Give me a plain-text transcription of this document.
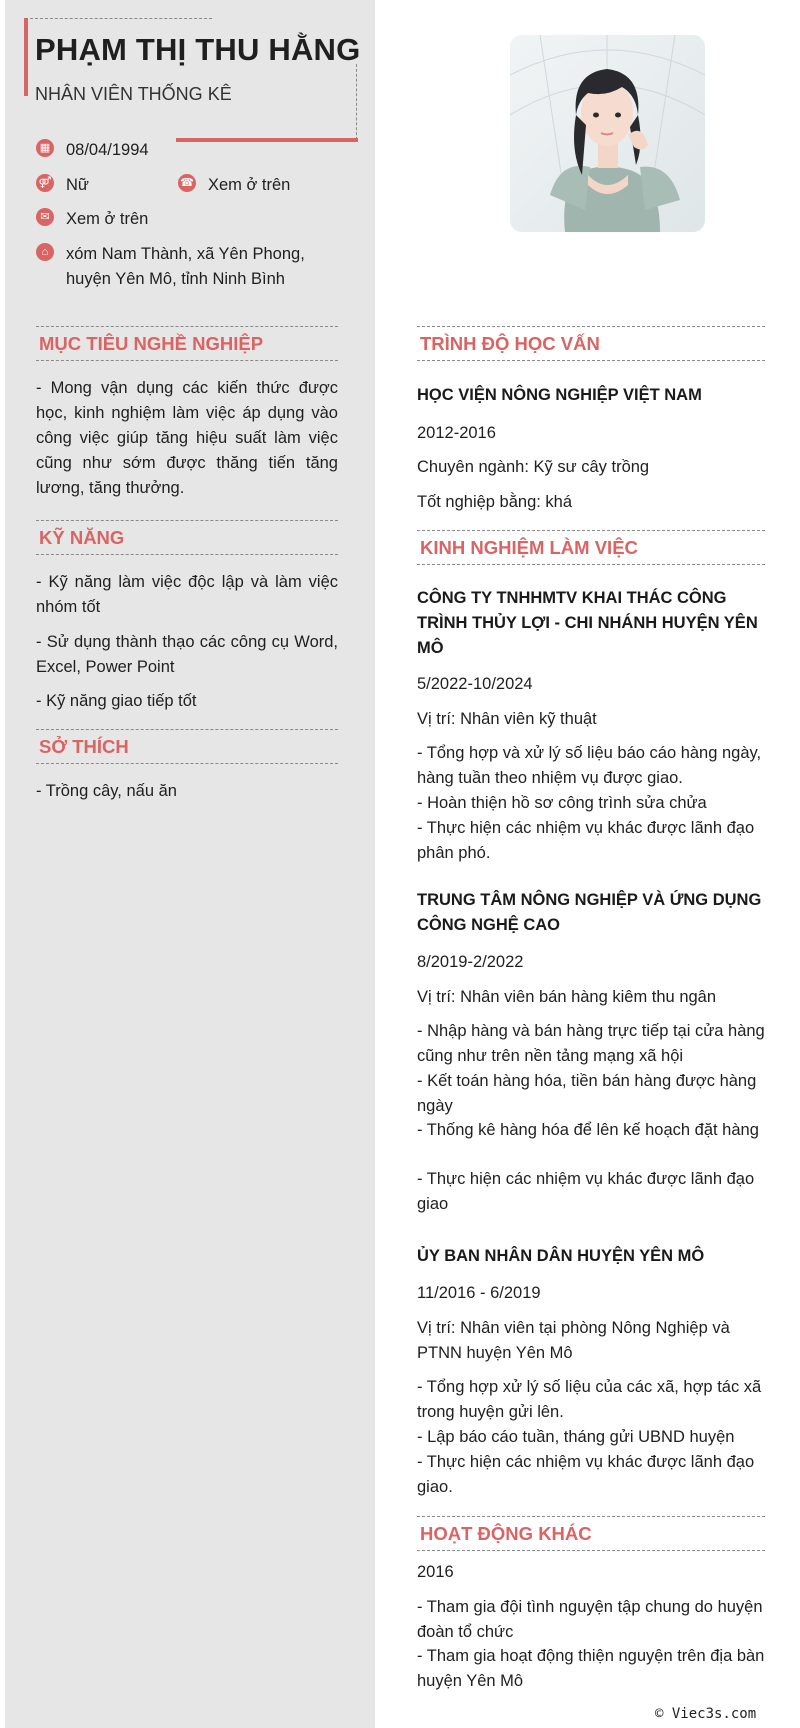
PHẠM THỊ THU HẰNG
NHÂN VIÊN THỐNG KÊ
▦ 08/04/1994
⚤ Nữ	☎ Xem ở trên
✉ Xem ở trên
⌂	xóm Nam Thành, xã Yên Phong,
huyện Yên Mô, tỉnh Ninh Bình
MỤC TIÊU NGHỀ NGHIỆP
- Mong vận dụng các kiến thức được học, kinh nghiệm làm việc áp dụng vào công việc giúp tăng hiệu suất làm việc cũng như sớm được thăng tiến tăng lương, tăng thưởng.
KỸ NĂNG
- Kỹ năng làm việc độc lập và làm việc nhóm tốt
- Sử dụng thành thạo các công cụ Word, Excel, Power Point
- Kỹ năng giao tiếp tốt
SỞ THÍCH
- Trồng cây, nấu ăn
TRÌNH ĐỘ HỌC VẤN
HỌC VIỆN NÔNG NGHIỆP VIỆT NAM
2012-2016
Chuyên ngành: Kỹ sư cây trồng
Tốt nghiệp bằng: khá
KINH NGHIỆM LÀM VIỆC
CÔNG TY TNHHMTV KHAI THÁC CÔNG TRÌNH THỦY LỢI - CHI NHÁNH HUYỆN YÊN MÔ
5/2022-10/2024
Vị trí: Nhân viên kỹ thuật
- Tổng hợp và xử lý số liệu báo cáo hàng ngày, hàng tuần theo nhiệm vụ được giao.
- Hoàn thiện hồ sơ công trình sửa chửa
- Thực hiện các nhiệm vụ khác được lãnh đạo phân phó.
TRUNG TÂM NÔNG NGHIỆP VÀ ỨNG DỤNG CÔNG NGHỆ CAO
8/2019-2/2022
Vị trí: Nhân viên bán hàng kiêm thu ngân
- Nhập hàng và bán hàng trực tiếp tại cửa hàng cũng như trên nền tảng mạng xã hội
- Kết toán hàng hóa, tiền bán hàng được hàng ngày
- Thống kê hàng hóa để lên kế hoạch đặt hàng
- Thực hiện các nhiệm vụ khác được lãnh đạo giao
ỦY BAN NHÂN DÂN HUYỆN YÊN MÔ
11/2016 - 6/2019
Vị trí: Nhân viên tại phòng Nông Nghiệp và PTNN huyện Yên Mô
- Tổng hợp xử lý số liệu của các xã, hợp tác xã trong huyện gửi lên.
- Lập báo cáo tuần, tháng gửi UBND huyện
- Thực hiện các nhiệm vụ khác được lãnh đạo giao.
HOẠT ĐỘNG KHÁC
2016
- Tham gia đội tình nguyện tập chung do huyện đoàn tổ chức
- Tham gia hoạt động thiện nguyện trên địa bàn huyện Yên Mô
© Viec3s.com
